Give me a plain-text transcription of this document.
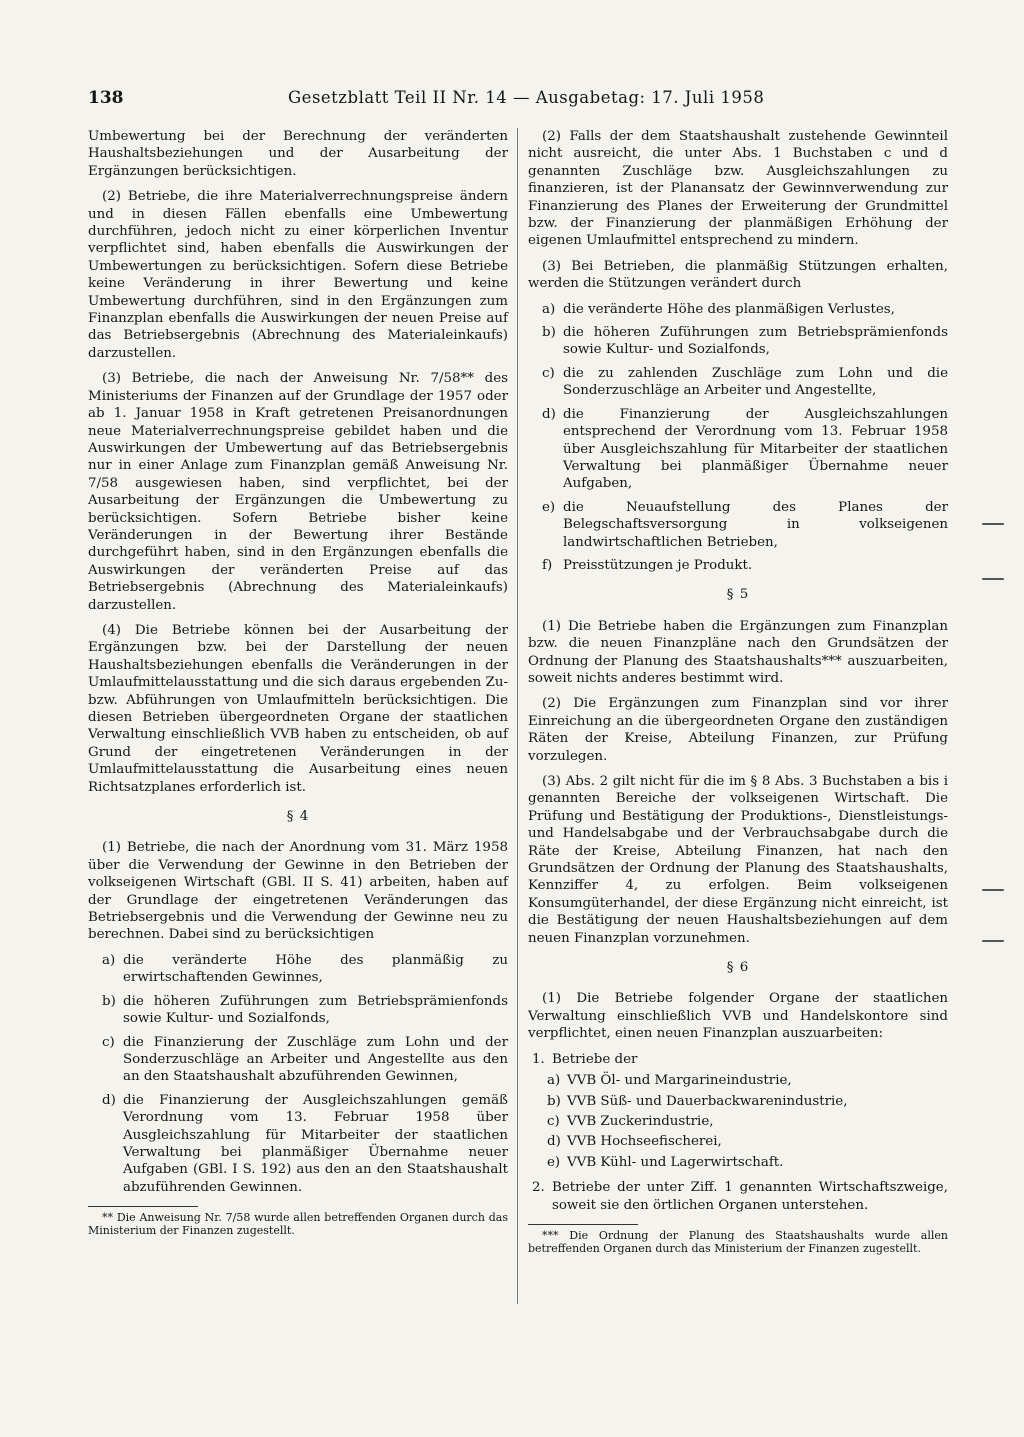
138	Gesetzblatt Teil II Nr. 14 — Ausgabetag: 17. Juli 1958

Umbewertung bei der Berechnung der veränderten Haushaltsbeziehungen und der Ausarbeitung der Ergänzungen berücksichtigen.

(2) Betriebe, die ihre Materialverrechnungspreise ändern und in diesen Fällen ebenfalls eine Umbewertung durchführen, jedoch nicht zu einer körperlichen Inventur verpflichtet sind, haben ebenfalls die Auswirkungen der Umbewertungen zu berücksichtigen. Sofern diese Betriebe keine Veränderung in ihrer Bewertung und keine Umbewertung durchführen, sind in den Ergänzungen zum Finanzplan ebenfalls die Auswirkungen der neuen Preise auf das Betriebsergebnis (Abrechnung des Materialeinkaufs) darzustellen.

(3) Betriebe, die nach der Anweisung Nr. 7/58** des Ministeriums der Finanzen auf der Grundlage der 1957 oder ab 1. Januar 1958 in Kraft getretenen Preisanordnungen neue Materialverrechnungspreise gebildet haben und die Auswirkungen der Umbewertung auf das Betriebsergebnis nur in einer Anlage zum Finanzplan gemäß Anweisung Nr. 7/58 ausgewiesen haben, sind verpflichtet, bei der Ausarbeitung der Ergänzungen die Umbewertung zu berücksichtigen. Sofern Betriebe bisher keine Veränderungen in der Bewertung ihrer Bestände durchgeführt haben, sind in den Ergänzungen ebenfalls die Auswirkungen der veränderten Preise auf das Betriebsergebnis (Abrechnung des Materialeinkaufs) darzustellen.

(4) Die Betriebe können bei der Ausarbeitung der Ergänzungen bzw. bei der Darstellung der neuen Haushaltsbeziehungen ebenfalls die Veränderungen in der Umlaufmittelausstattung und die sich daraus ergebenden Zu- bzw. Abführungen von Umlaufmitteln berücksichtigen. Die diesen Betrieben übergeordneten Organe der staatlichen Verwaltung einschließlich VVB haben zu entscheiden, ob auf Grund der eingetretenen Veränderungen in der Umlaufmittelausstattung die Ausarbeitung eines neuen Richtsatzplanes erforderlich ist.

§ 4

(1) Betriebe, die nach der Anordnung vom 31. März 1958 über die Verwendung der Gewinne in den Betrieben der volkseigenen Wirtschaft (GBl. II S. 41) arbeiten, haben auf der Grundlage der eingetretenen Veränderungen das Betriebsergebnis und die Verwendung der Gewinne neu zu berechnen. Dabei sind zu berücksichtigen

a) die veränderte Höhe des planmäßig zu erwirtschaftenden Gewinnes,
b) die höheren Zuführungen zum Betriebsprämienfonds sowie Kultur- und Sozialfonds,
c) die Finanzierung der Zuschläge zum Lohn und der Sonderzuschläge an Arbeiter und Angestellte aus den an den Staatshaushalt abzuführenden Gewinnen,
d) die Finanzierung der Ausgleichszahlungen gemäß Verordnung vom 13. Februar 1958 über Ausgleichszahlung für Mitarbeiter der staatlichen Verwaltung bei planmäßiger Übernahme neuer Aufgaben (GBl. I S. 192) aus den an den Staatshaushalt abzuführenden Gewinnen.
** Die Anweisung Nr. 7/58 wurde allen betreffenden Organen durch das Ministerium der Finanzen zugestellt.

(2) Falls der dem Staatshaushalt zustehende Gewinnteil nicht ausreicht, die unter Abs. 1 Buchstaben c und d genannten Zuschläge bzw. Ausgleichszahlungen zu finanzieren, ist der Planansatz der Gewinnverwendung zur Finanzierung des Planes der Erweiterung der Grundmittel bzw. der Finanzierung der planmäßigen Erhöhung der eigenen Umlaufmittel entsprechend zu mindern.

(3) Bei Betrieben, die planmäßig Stützungen erhalten, werden die Stützungen verändert durch

a) die veränderte Höhe des planmäßigen Verlustes,
b) die höheren Zuführungen zum Betriebsprämienfonds sowie Kultur- und Sozialfonds,
c) die zu zahlenden Zuschläge zum Lohn und die Sonderzuschläge an Arbeiter und Angestellte,
d) die Finanzierung der Ausgleichszahlungen entsprechend der Verordnung vom 13. Februar 1958 über Ausgleichszahlung für Mitarbeiter der staatlichen Verwaltung bei planmäßiger Übernahme neuer Aufgaben,
e) die Neuaufstellung des Planes der Belegschaftsversorgung in volkseigenen landwirtschaftlichen Betrieben,
f) Preisstützungen je Produkt.
§ 5

(1) Die Betriebe haben die Ergänzungen zum Finanzplan bzw. die neuen Finanzpläne nach den Grundsätzen der Ordnung der Planung des Staatshaushalts*** auszuarbeiten, soweit nichts anderes bestimmt wird.

(2) Die Ergänzungen zum Finanzplan sind vor ihrer Einreichung an die übergeordneten Organe den zuständigen Räten der Kreise, Abteilung Finanzen, zur Prüfung vorzulegen.

(3) Abs. 2 gilt nicht für die im § 8 Abs. 3 Buchstaben a bis i genannten Bereiche der volkseigenen Wirtschaft. Die Prüfung und Bestätigung der Produktions-, Dienstleistungs- und Handelsabgabe und der Verbrauchsabgabe durch die Räte der Kreise, Abteilung Finanzen, hat nach den Grundsätzen der Ordnung der Planung des Staatshaushalts, Kennziffer 4, zu erfolgen. Beim volkseigenen Konsumgüterhandel, der diese Ergänzung nicht einreicht, ist die Bestätigung der neuen Haushaltsbeziehungen auf dem neuen Finanzplan vorzunehmen.

§ 6

(1) Die Betriebe folgender Organe der staatlichen Verwaltung einschließlich VVB und Handelskontore sind verpflichtet, einen neuen Finanzplan auszuarbeiten:

1. Betriebe der
a) VVB Öl- und Margarineindustrie,
b) VVB Süß- und Dauerbackwarenindustrie,
c) VVB Zuckerindustrie,
d) VVB Hochseefischerei,
e) VVB Kühl- und Lagerwirtschaft.
2. Betriebe der unter Ziff. 1 genannten Wirtschaftszweige, soweit sie den örtlichen Organen unterstehen.
*** Die Ordnung der Planung des Staatshaushalts wurde allen betreffenden Organen durch das Ministerium der Finanzen zugestellt.
